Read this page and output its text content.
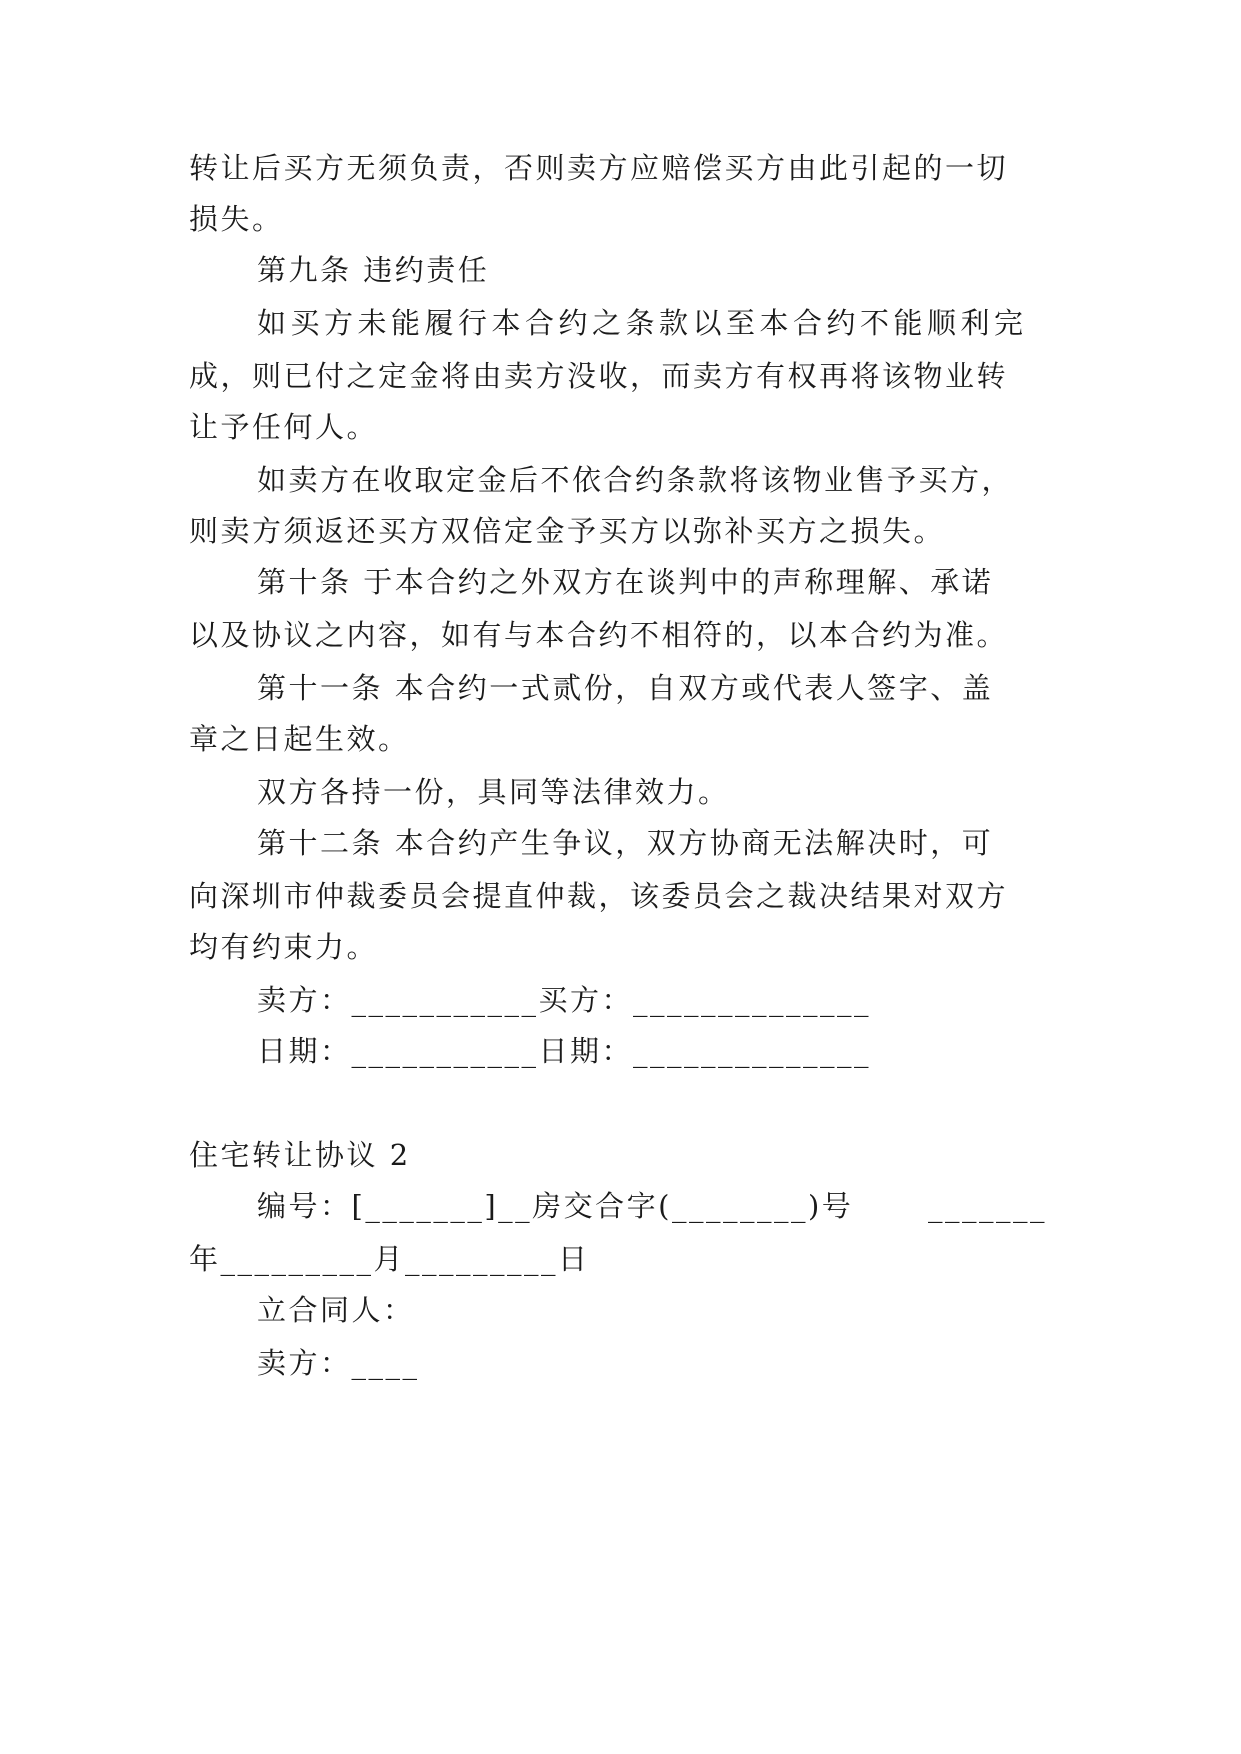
转让后买方无须负责，否则卖方应赔偿买方由此引起的一切
损失。
第九条 违约责任
如买方未能履行本合约之条款以至本合约不能顺利完
成，则已付之定金将由卖方没收，而卖方有权再将该物业转
让予任何人。
如卖方在收取定金后不依合约条款将该物业售予买方，
则卖方须返还买方双倍定金予买方以弥补买方之损失。
第十条 于本合约之外双方在谈判中的声称理解、承诺
以及协议之内容，如有与本合约不相符的，以本合约为准。
第十一条 本合约一式贰份，自双方或代表人签字、盖
章之日起生效。
双方各持一份，具同等法律效力。
第十二条 本合约产生争议，双方协商无法解决时，可
向深圳市仲裁委员会提直仲裁，该委员会之裁决结果对双方
均有约束力。
卖方：___________买方：______________
日期：___________日期：______________
住宅转让协议 2
编号：[_______]__房交合字(________)号　　 _______
年_________月_________日
立合同人：
卖方：____
